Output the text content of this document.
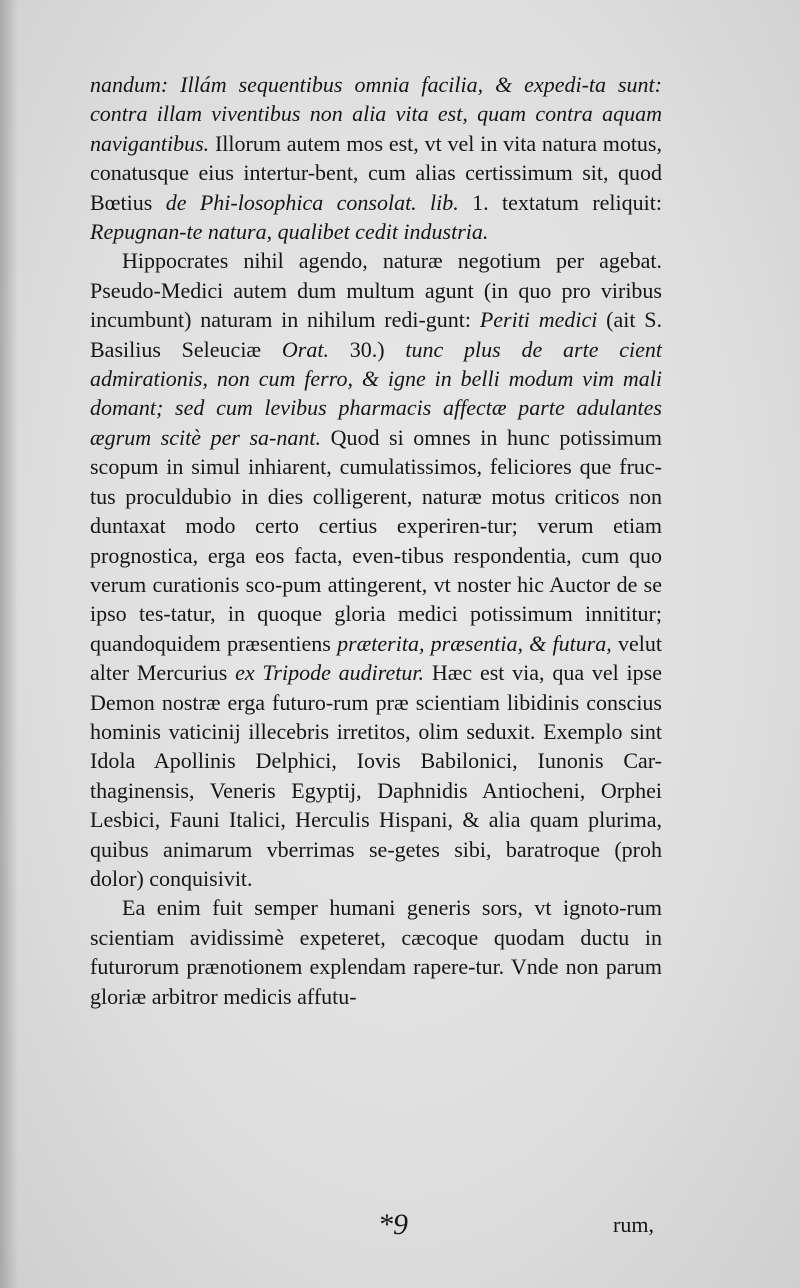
nandum: Illám sequentibus omnia facilia, & expedi-ta sunt: contra illam viventibus non alia vita est, quam contra aquam navigantibus. Illorum autem mos est, vt vel in vita natura motus, conatusque eius intertur-bent, cum alias certissimum sit, quod Bœtius de Phi-losophica consolat. lib. 1. textatum reliquit: Repugnan-te natura, qualibet cedit industria.

Hippocrates nihil agendo, naturæ negotium per agebat. Pseudo-Medici autem dum multum agunt (in quo pro viribus incumbunt) naturam in nihilum redi-gunt: Periti medici (ait S. Basilius Seleuciæ Orat. 30.) tunc plus de arte cient admirationis, non cum ferro, & igne in belli modum vim mali domant; sed cum levibus pharmacis affectæ parte adulantes ægrum scitè per sa-nant. Quod si omnes in hunc potissimum scopum in simul inhiarent, cumulatissimos, feliciores que fruc-tus proculdubio in dies colligerent, naturæ motus criticos non duntaxat modo certo certius experiren-tur; verum etiam prognostica, erga eos facta, even-tibus respondentia, cum quo verum curationis sco-pum attingerent, vt noster hic Auctor de se ipso tes-tatur, in quoque gloria medici potissimum innititur; quandoquidem præsentiens præterita, præsentia, & futura, velut alter Mercurius ex Tripode audiretur. Hæc est via, qua vel ipse Demon nostræ erga futuro-rum præ scientiam libidinis conscius hominis vaticinij illecebris irretitos, olim seduxit. Exemplo sint Idola Apollinis Delphici, Iovis Babilonici, Iunonis Car-thaginensis, Veneris Egyptij, Daphnidis Antiocheni, Orphei Lesbici, Fauni Italici, Herculis Hispani, & alia quam plurima, quibus animarum vberrimas se-getes sibi, baratroque (proh dolor) conquisivit.

Ea enim fuit semper humani generis sors, vt ignoto-rum scientiam avidissimè expeteret, cæcoque quodam ductu in futurorum prænotionem explendam rapere-tur. Vnde non parum gloriæ arbitror medicis affutu-

*9	rum,
